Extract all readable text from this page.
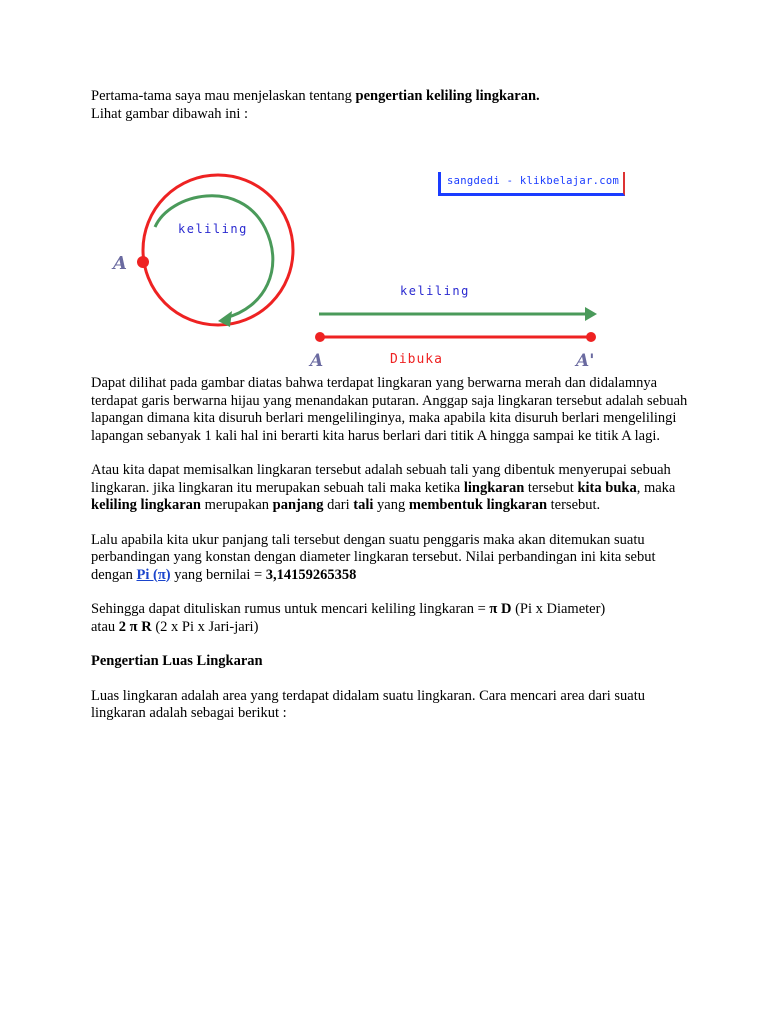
Pertama-tama saya mau menjelaskan tentang pengertian keliling lingkaran.

Lihat gambar dibawah ini :

keliling
A
keliling
A	A'
Dibuka
sangdedi - klikbelajar.com

Dapat dilihat pada gambar diatas bahwa terdapat lingkaran yang berwarna merah dan didalamnya terdapat garis berwarna hijau yang menandakan putaran. Anggap saja lingkaran tersebut adalah sebuah lapangan dimana kita disuruh berlari mengelilinginya, maka apabila kita disuruh berlari mengelilingi lapangan sebanyak 1 kali hal ini berarti kita harus berlari dari titik A hingga sampai ke titik A lagi.

Atau kita dapat memisalkan lingkaran tersebut adalah sebuah tali yang dibentuk menyerupai sebuah lingkaran. jika lingkaran itu merupakan sebuah tali maka ketika lingkaran tersebut kita buka, maka keliling lingkaran merupakan panjang dari tali yang membentuk lingkaran tersebut.

Lalu apabila kita ukur panjang tali tersebut dengan suatu penggaris maka akan ditemukan suatu perbandingan yang konstan dengan diameter lingkaran tersebut. Nilai perbandingan ini kita sebut dengan Pi (π) yang bernilai = 3,14159265358

Sehingga dapat dituliskan rumus untuk mencari keliling lingkaran = π D (Pi x Diameter)

atau 2 π R (2 x Pi x Jari-jari)

Pengertian Luas Lingkaran

Luas lingkaran adalah area yang terdapat didalam suatu lingkaran. Cara mencari area dari suatu lingkaran adalah sebagai berikut :
